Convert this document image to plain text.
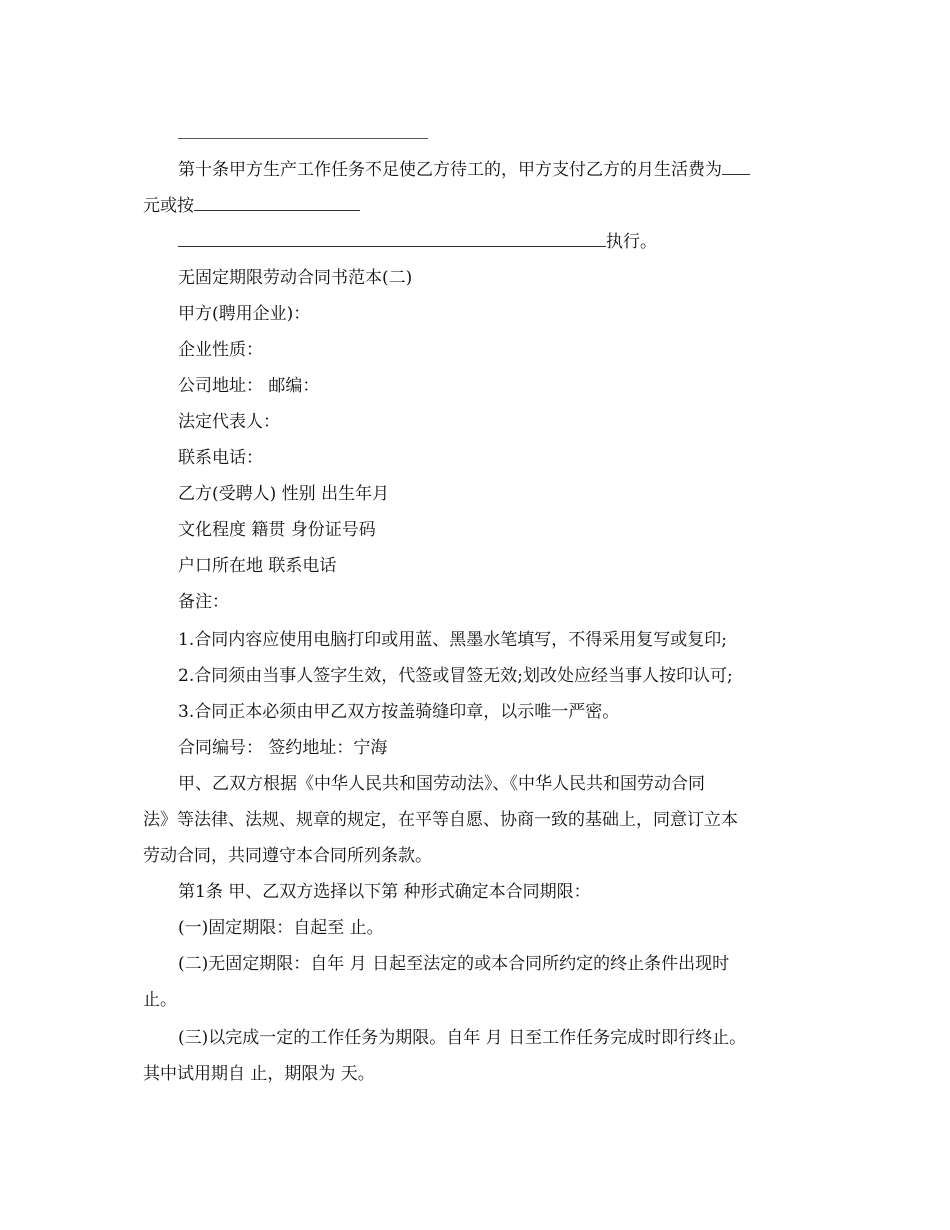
第十条甲方生产工作任务不足使乙方待工的，甲方支付乙方的月生活费为
元或按
执行。
无固定期限劳动合同书范本(二)
甲方(聘用企业)：
企业性质：
公司地址： 邮编：
法定代表人：
联系电话：
乙方(受聘人) 性别 出生年月
文化程度 籍贯 身份证号码
户口所在地 联系电话
备注：
1.合同内容应使用电脑打印或用蓝、黑墨水笔填写，不得采用复写或复印;
2.合同须由当事人签字生效，代签或冒签无效;划改处应经当事人按印认可;
3.合同正本必须由甲乙双方按盖骑缝印章，以示唯一严密。
合同编号： 签约地址：宁海
甲、乙双方根据《中华人民共和国劳动法》、《中华人民共和国劳动合同
法》等法律、法规、规章的规定，在平等自愿、协商一致的基础上，同意订立本
劳动合同，共同遵守本合同所列条款。
第1条 甲、乙双方选择以下第 种形式确定本合同期限：
(一)固定期限：自起至 止。
(二)无固定期限：自年 月 日起至法定的或本合同所约定的终止条件出现时
止。
(三)以完成一定的工作任务为期限。自年 月 日至工作任务完成时即行终止。
其中试用期自 止，期限为 天。
